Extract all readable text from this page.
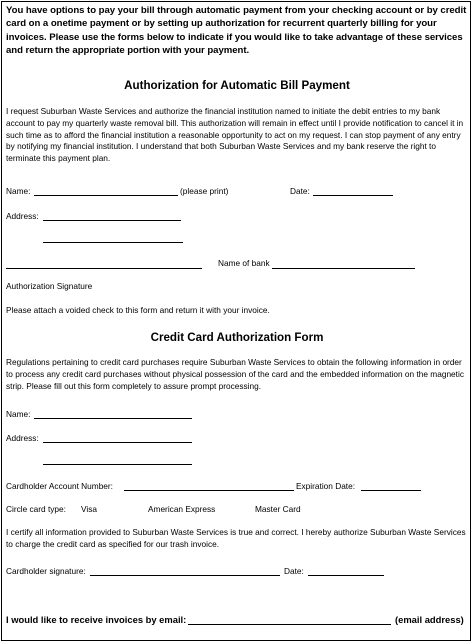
You have options to pay your bill through automatic payment from your checking account or by credit card on a onetime payment or by setting up authorization for recurrent quarterly billing for your invoices. Please use the forms below to indicate if you would like to take advantage of these services and return the appropriate portion with your payment.
Authorization for Automatic Bill Payment
I request Suburban Waste Services and authorize the financial institution named to initiate the debit entries to my bank account to pay my quarterly waste removal bill. This authorization will remain in effect until I provide notification to cancel it in such time as to afford the financial institution a reasonable opportunity to act on my request. I can stop payment of any entry by notifying my financial institution. I understand that both Suburban Waste Services and my bank reserve the right to terminate this payment plan.
Name:	(please print)	Date:
Address:
Name of bank
Authorization Signature
Please attach a voided check to this form and return it with your invoice.
Credit Card Authorization Form
Regulations pertaining to credit card purchases require Suburban Waste Services to obtain the following information in order to process any credit card purchases without physical possession of the card and the embedded information on the magnetic strip. Please fill out this form completely to assure prompt processing.
Name:
Address:
Cardholder Account Number:	Expiration Date:
Circle card type: Visa	American Express	Master Card
I certify all information provided to Suburban Waste Services is true and correct. I hereby authorize Suburban Waste Services to charge the credit card as specified for our trash invoice.
Cardholder signature:	Date:
I would like to receive invoices by email:	(email address)
